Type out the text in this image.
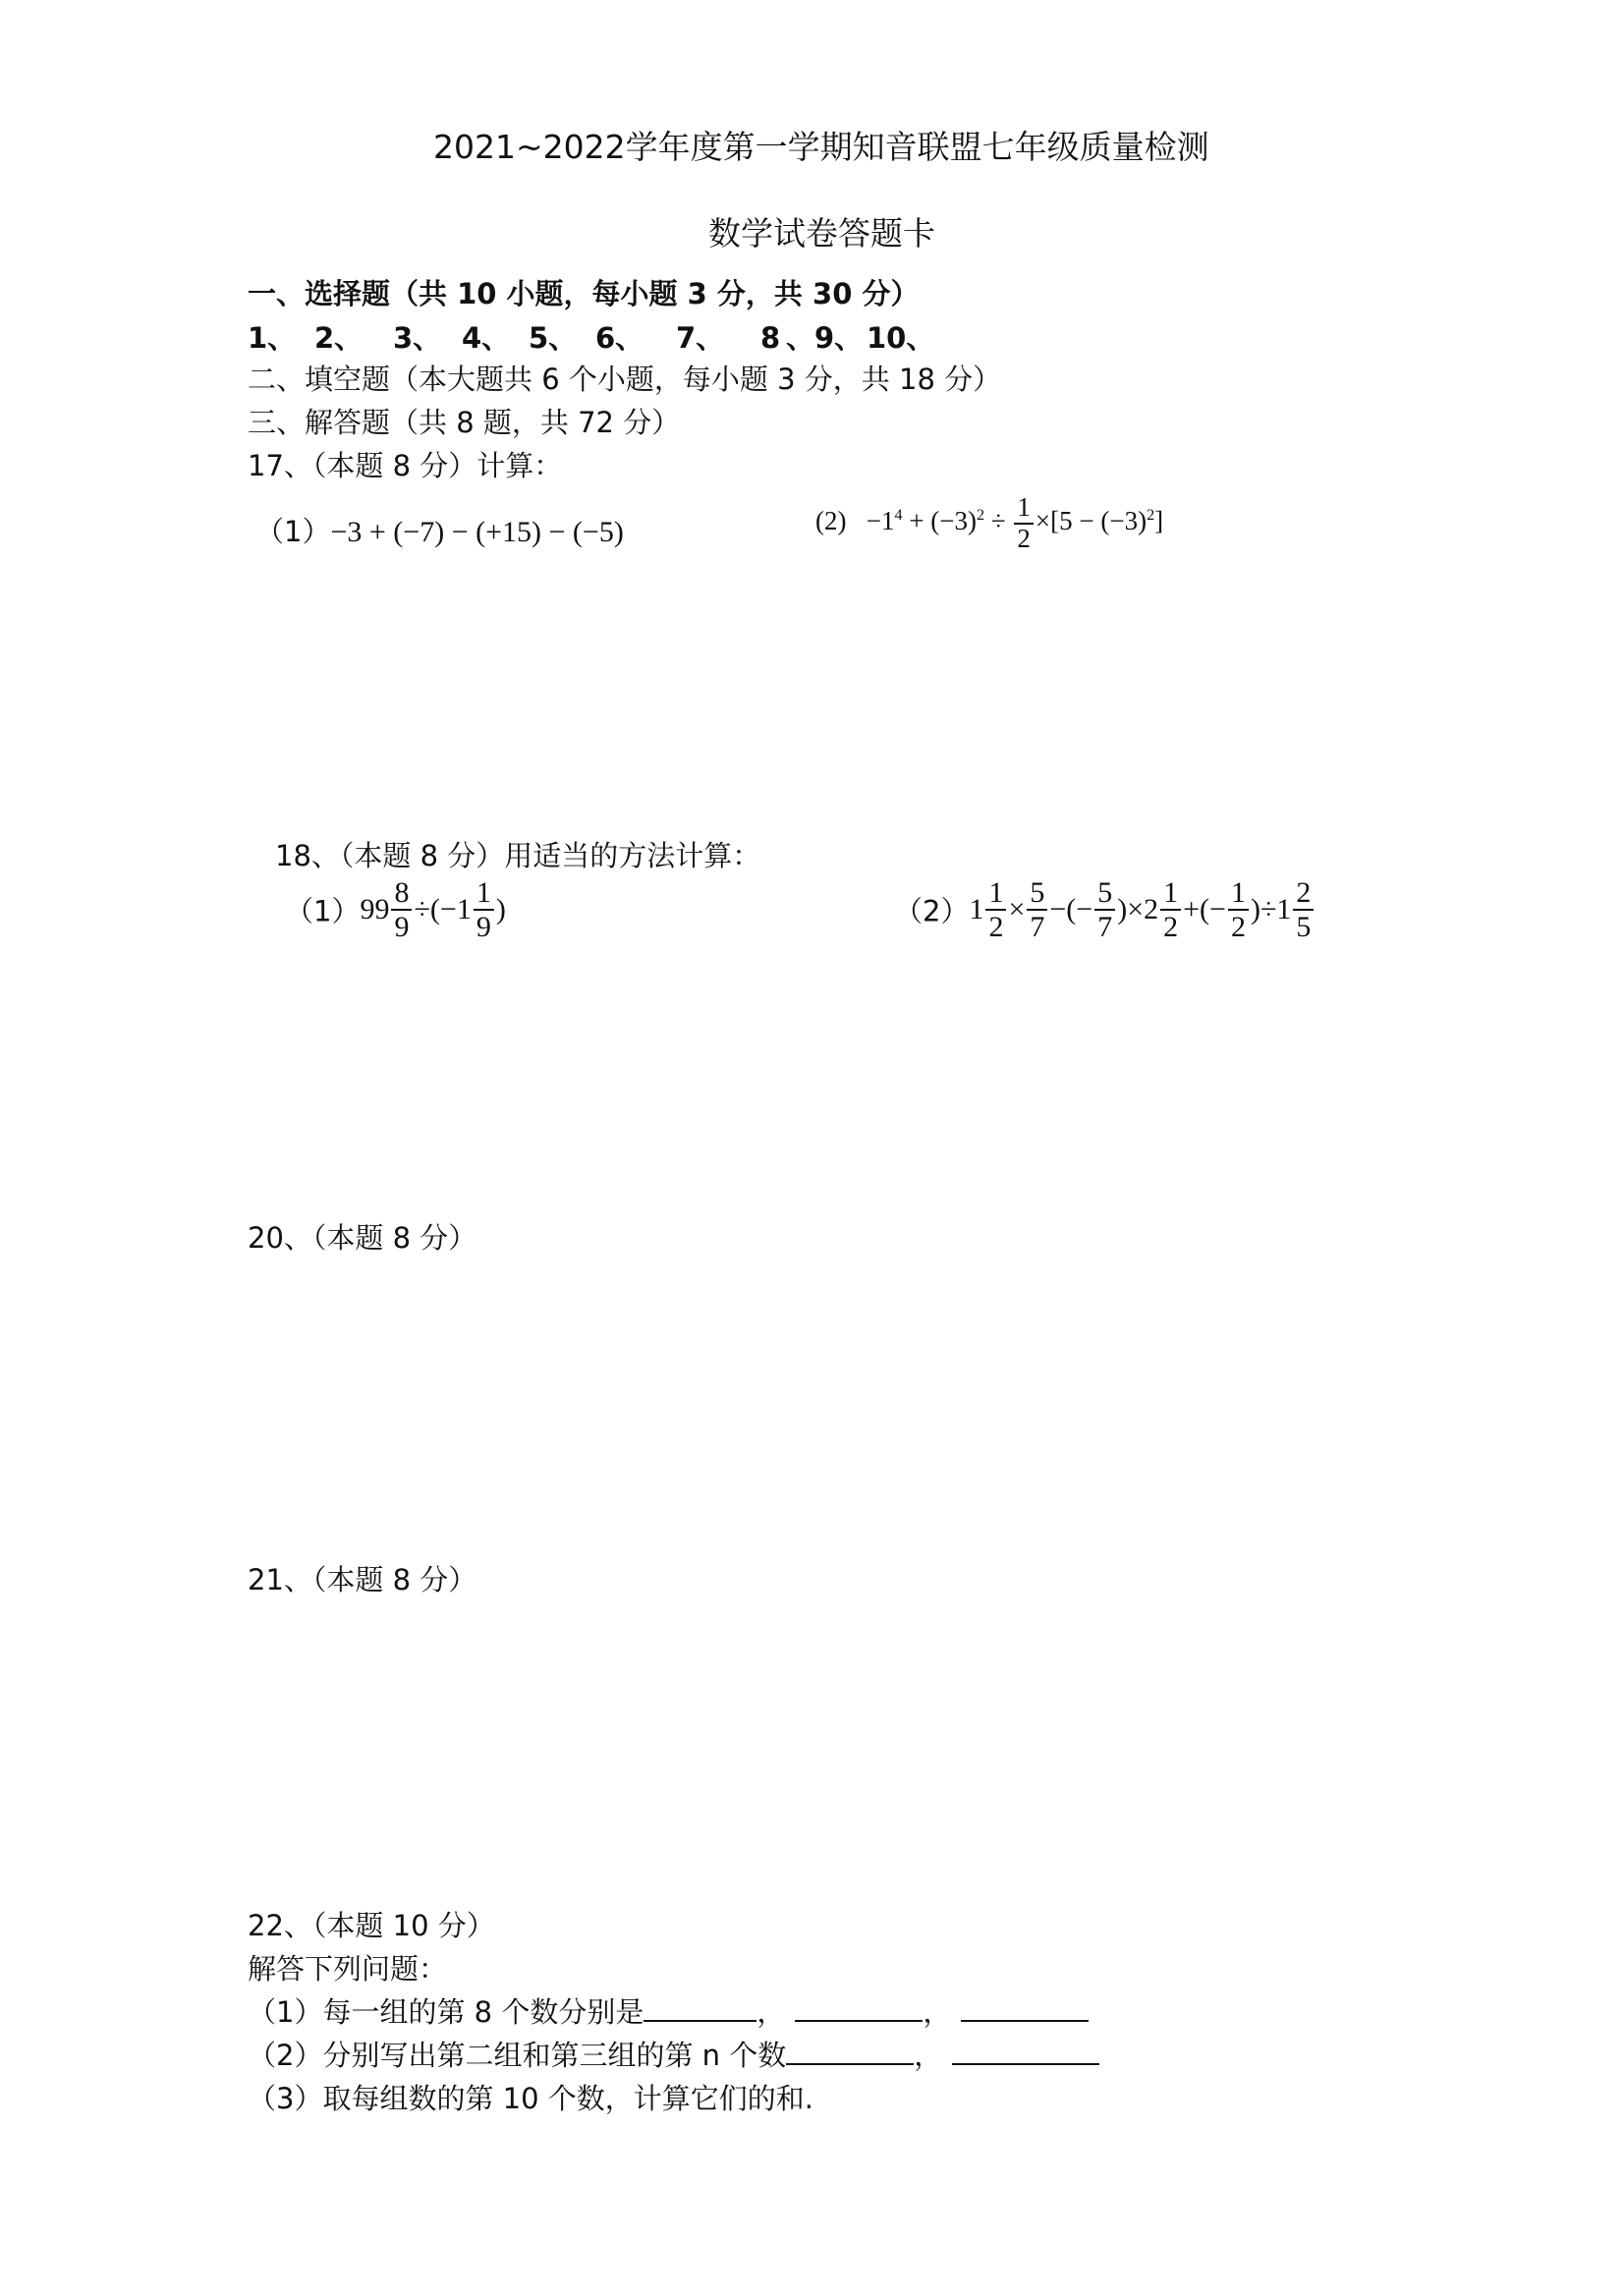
2021~2022学年度第一学期知音联盟七年级质量检测
数学试卷答题卡
一、选择题（共 10 小题，每小题 3 分，共 30 分）
1、 2、 3、 4、 5、 6、 7、 8 、9、 10、
二、填空题（本大题共 6 个小题，每小题 3 分，共 18 分）
三、解答题（共 8 题，共 72 分）
17、（本题 8 分）计算：
（1）−3 + (−7) − (+15) − (−5)	$(2) -1^4 + (-3)^2 \div \frac{1}{2} \times[5 - (-3)^2]$
18、（本题 8 分）用适当的方法计算：
$(1)99 \frac{8}{9} \div(-1 \frac{1}{9}$ )	$(2)1 \frac{1}{2} \times \frac{5}{7}$ −(− $\frac{5}{7} )\times 2 \frac{1}{2}$ +(− $\frac{1}{2} )\div 1 \frac{2}{5}$
20、（本题 8 分）
21、（本题 8 分）
22、（本题 10 分）
解答下列问题：
（1）每一组的第 8 个数分别是	，	，
（2）分别写出第二组和第三组的第 n 个数	，
（3）取每组数的第 10 个数，计算它们的和.
